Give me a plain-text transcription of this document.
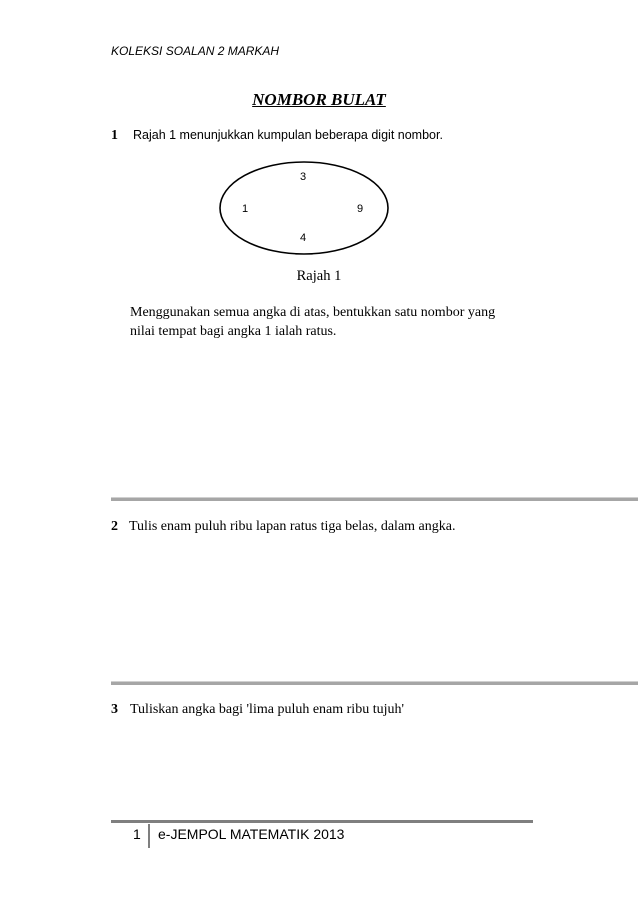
KOLEKSI SOALAN 2 MARKAH
NOMBOR BULAT
1 Rajah 1 menunjukkan kumpulan beberapa digit nombor.
3
1	9
4
Rajah 1
Menggunakan semua angka di atas, bentukkan satu nombor yang
nilai tempat bagi angka 1 ialah ratus.
2 Tulis enam puluh ribu lapan ratus tiga belas, dalam angka.
3 Tuliskan angka bagi 'lima puluh enam ribu tujuh'
1 e-JEMPOL MATEMATIK 2013
